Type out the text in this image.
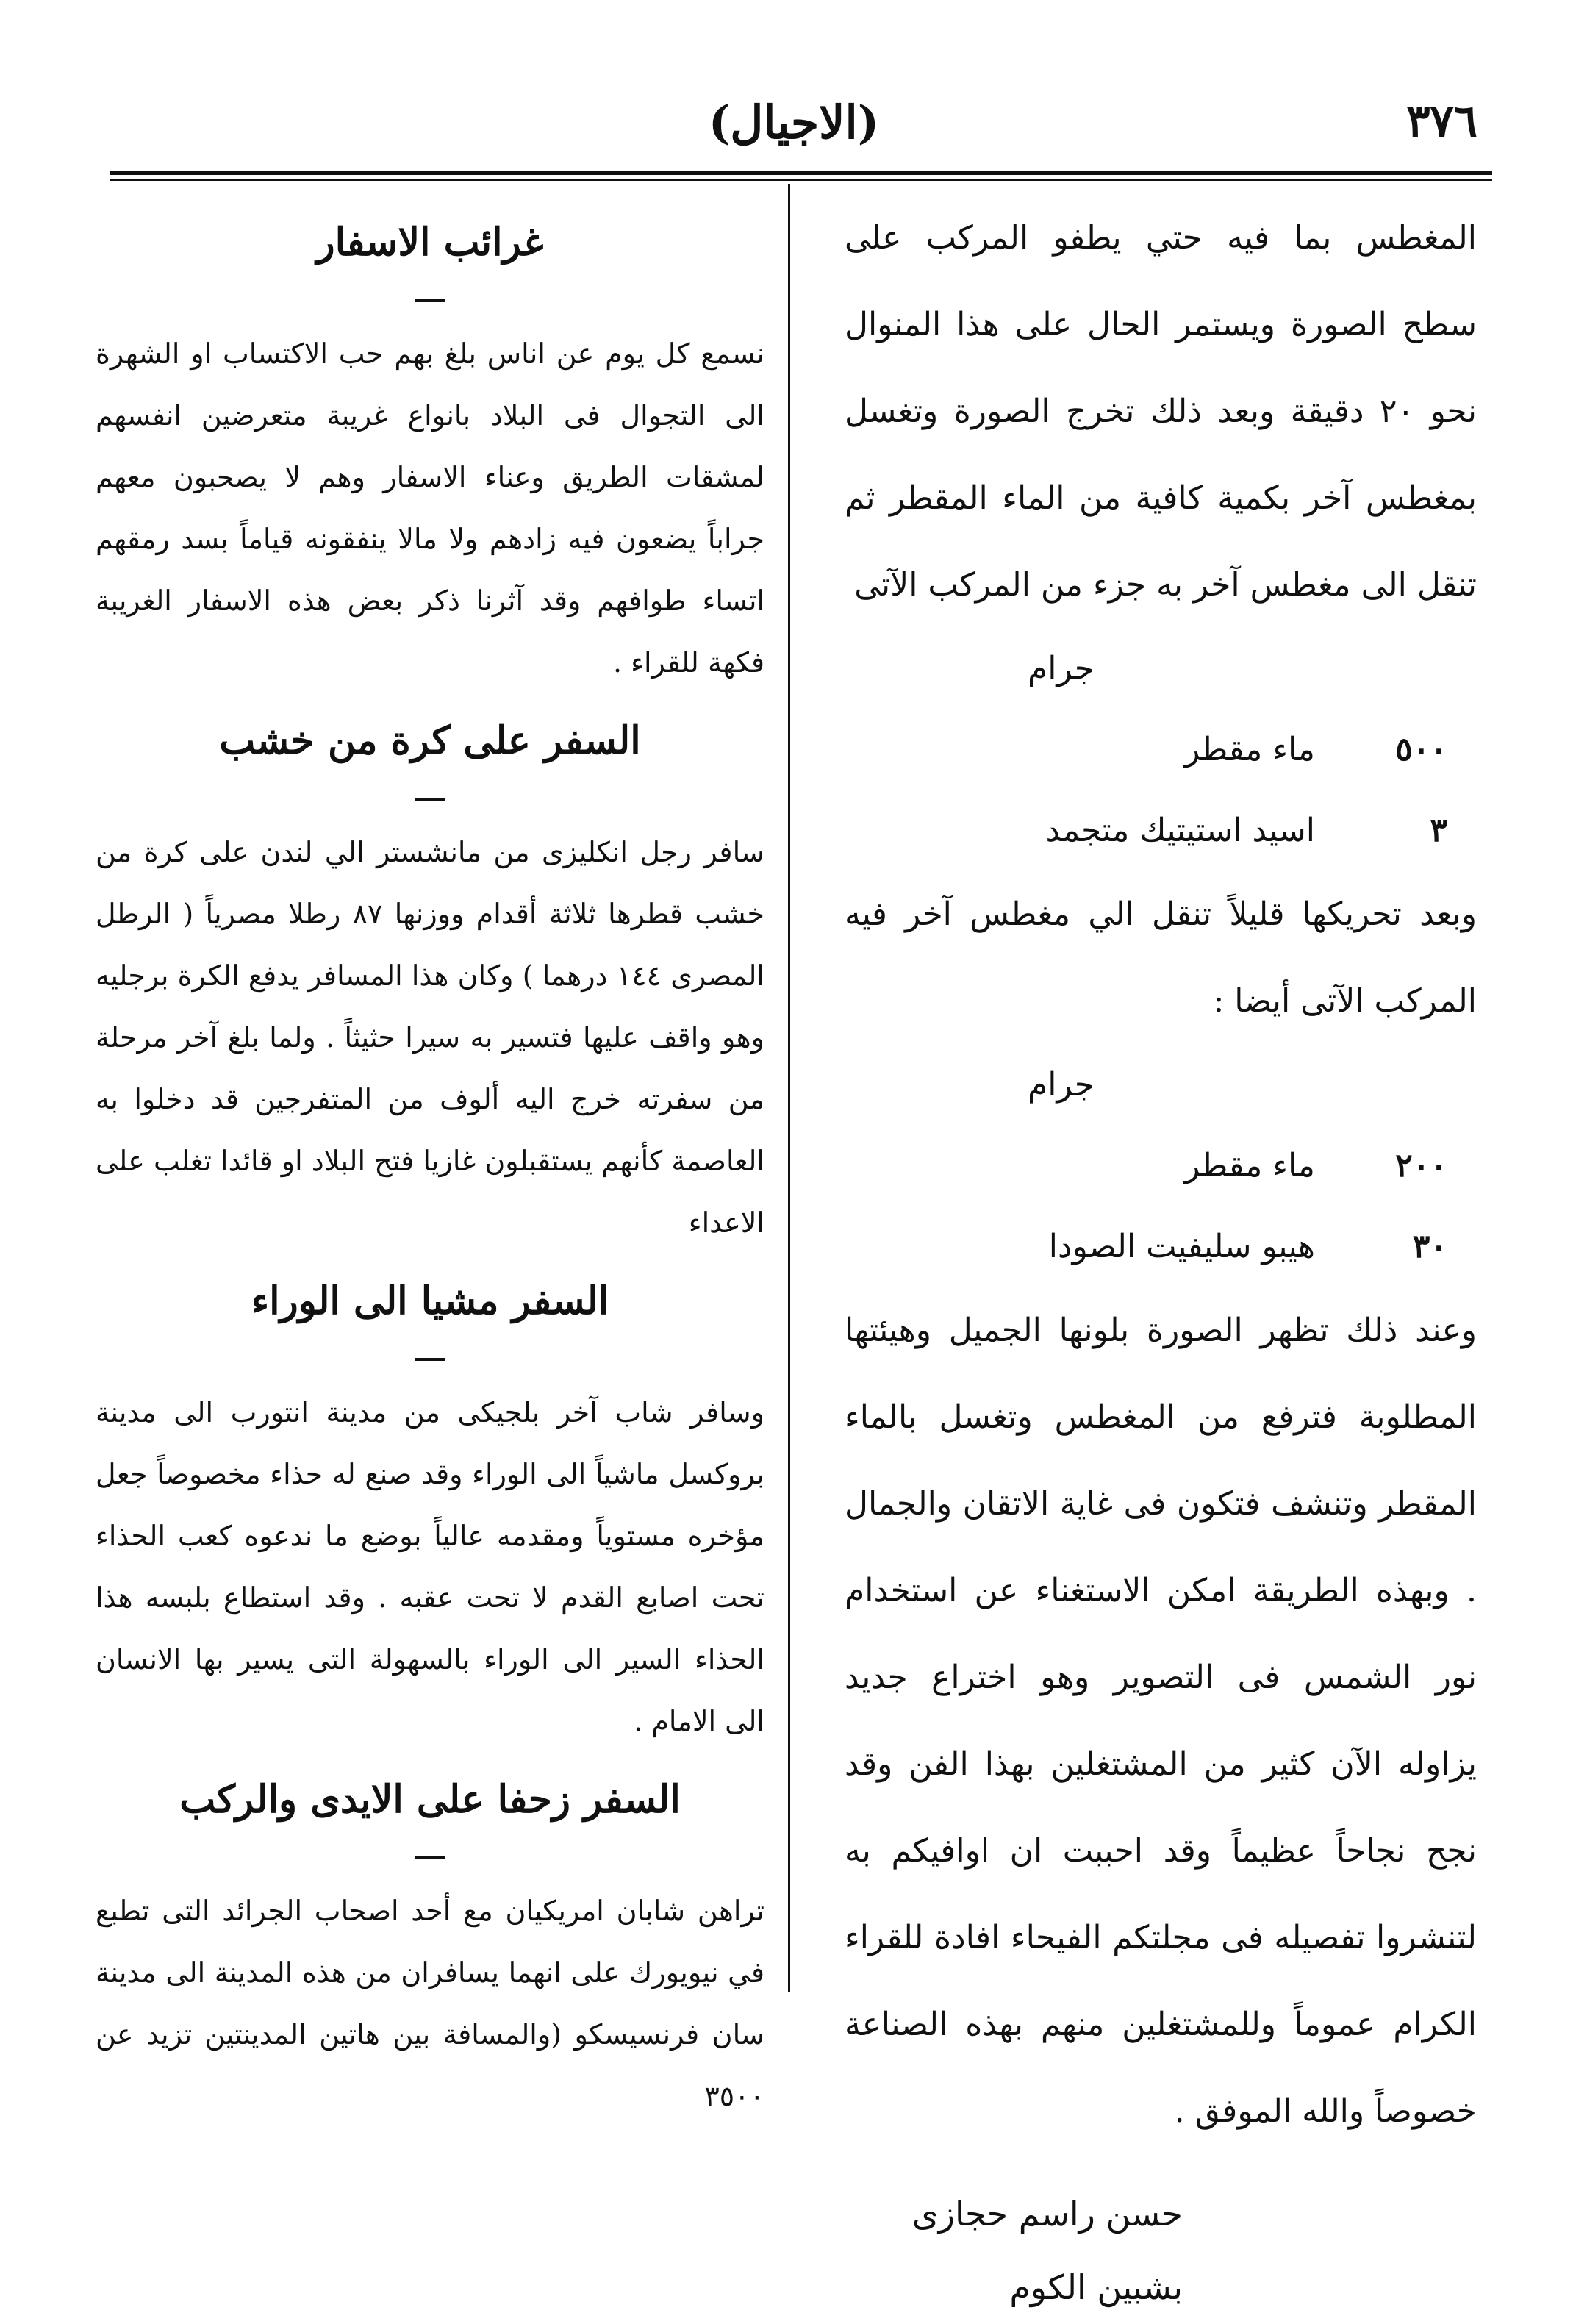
٣٧٦
(الاجيال)

المغطس بما فيه حتي يطفو المركب على سطح الصورة ويستمر الحال على هذا المنوال نحو ٢٠ دقيقة وبعد ذلك تخرج الصورة وتغسل بمغطس آخر بكمية كافية من الماء المقطر ثم تنقل الى مغطس آخر به جزء من المركب الآتى

جرام

٥٠٠
ماء مقطر
٣
اسيد استيتيك متجمد

وبعد تحريكها قليلاً تنقل الي مغطس آخر فيه المركب الآتى أيضا :

جرام

٢٠٠
ماء مقطر
٣٠
هيبو سليفيت الصودا

وعند ذلك تظهر الصورة بلونها الجميل وهيئتها المطلوبة فترفع من المغطس وتغسل بالماء المقطر وتنشف فتكون فى غاية الاتقان والجمال . وبهذه الطريقة امكن الاستغناء عن استخدام نور الشمس فى التصوير وهو اختراع جديد يزاوله الآن كثير من المشتغلين بهذا الفن وقد نجح نجاحاً عظيماً وقد احببت ان اوافيكم به لتنشروا تفصيله فى مجلتكم الفيحاء افادة للقراء الكرام عموماً وللمشتغلين منهم بهذه الصناعة خصوصاً والله الموفق .

حسن راسم حجازى
بشبين الكوم
غرائب الاسفار

نسمع كل يوم عن اناس بلغ بهم حب الاكتساب او الشهرة الى التجوال فى البلاد بانواع غريبة متعرضين انفسهم لمشقات الطريق وعناء الاسفار وهم لا يصحبون معهم جراباً يضعون فيه زادهم ولا مالا ينفقونه قياماً بسد رمقهم اتساء طوافهم وقد آثرنا ذكر بعض هذه الاسفار الغريبة فكهة للقراء .

السفر على كرة من خشب

سافر رجل انكليزى من مانشستر الي لندن على كرة من خشب قطرها ثلاثة أقدام ووزنها ٨٧ رطلا مصرياً ( الرطل المصرى ١٤٤ درهما ) وكان هذا المسافر يدفع الكرة برجليه وهو واقف عليها فتسير به سيرا حثيثاً . ولما بلغ آخر مرحلة من سفرته خرج اليه ألوف من المتفرجين قد دخلوا به العاصمة كأنهم يستقبلون غازيا فتح البلاد او قائدا تغلب على الاعداء

السفر مشيا الى الوراء

وسافر شاب آخر بلجيكى من مدينة انتورب الى مدينة بروكسل ماشياً الى الوراء وقد صنع له حذاء مخصوصاً جعل مؤخره مستوياً ومقدمه عالياً بوضع ما ندعوه كعب الحذاء تحت اصابع القدم لا تحت عقبه . وقد استطاع بلبسه هذا الحذاء السير الى الوراء بالسهولة التى يسير بها الانسان الى الامام .

السفر زحفا على الايدى والركب

تراهن شابان امريكيان مع أحد اصحاب الجرائد التى تطبع في نيويورك على انهما يسافران من هذه المدينة الى مدينة سان فرنسيسكو (والمسافة بين هاتين المدينتين تزيد عن ٣٥٠٠
